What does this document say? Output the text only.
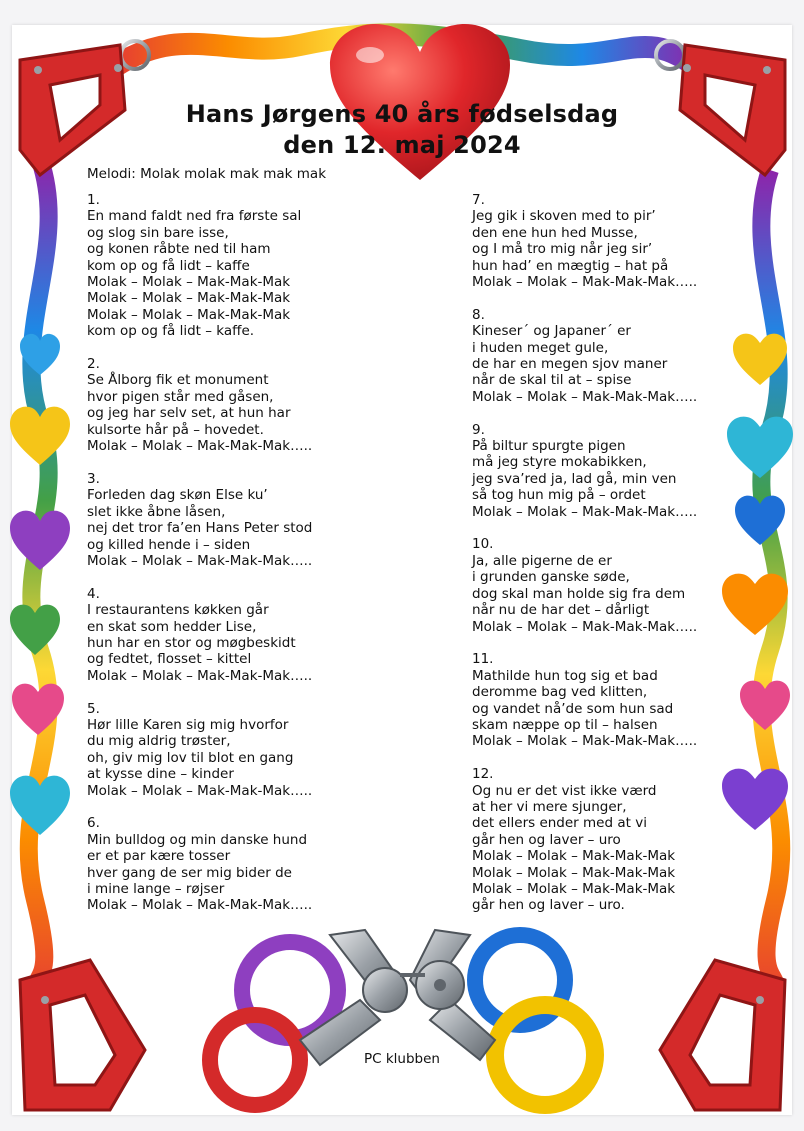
Hans Jørgens 40 års fødselsdag
den 12. maj 2024
Melodi: Molak molak mak mak mak
1.
En mand faldt ned fra første sal
og slog sin bare isse,
og konen råbte ned til ham
kom op og få lidt – kaffe
Molak – Molak – Mak-Mak-Mak
Molak – Molak – Mak-Mak-Mak
Molak – Molak – Mak-Mak-Mak
kom op og få lidt – kaffe.
2.
Se Ålborg fik et monument
hvor pigen står med gåsen,
og jeg har selv set, at hun har
kulsorte hår på – hovedet.
Molak – Molak – Mak-Mak-Mak…..
3.
Forleden dag skøn Else ku’
slet ikke åbne låsen,
nej det tror fa’en Hans Peter stod
og killed hende i – siden
Molak – Molak – Mak-Mak-Mak…..
4.
I restaurantens køkken går
en skat som hedder Lise,
hun har en stor og møgbeskidt
og fedtet, flosset – kittel
Molak – Molak – Mak-Mak-Mak…..
5.
Hør lille Karen sig mig hvorfor
du mig aldrig trøster,
oh, giv mig lov til blot en gang
at kysse dine – kinder
Molak – Molak – Mak-Mak-Mak…..
6.
Min bulldog og min danske hund
er et par kære tosser
hver gang de ser mig bider de
i mine lange – røjser
Molak – Molak – Mak-Mak-Mak…..
7.
Jeg gik i skoven med to pir’
den ene hun hed Musse,
og I må tro mig når jeg sir’
hun had’ en mægtig – hat på
Molak – Molak – Mak-Mak-Mak…..
8.
Kineser´ og Japaner´ er
i huden meget gule,
de har en megen sjov maner
når de skal til at – spise
Molak – Molak – Mak-Mak-Mak…..
9.
På biltur spurgte pigen
må jeg styre mokabikken,
jeg sva’red ja, lad gå, min ven
så tog hun mig på – ordet
Molak – Molak – Mak-Mak-Mak…..
10.
Ja, alle pigerne de er
i grunden ganske søde,
dog skal man holde sig fra dem
når nu de har det – dårligt
Molak – Molak – Mak-Mak-Mak…..
11.
Mathilde hun tog sig et bad
deromme bag ved klitten,
og vandet nå’de som hun sad
skam næppe op til – halsen
Molak – Molak – Mak-Mak-Mak…..
12.
Og nu er det vist ikke værd
at her vi mere sjunger,
det ellers ender med at vi
går hen og laver – uro
Molak – Molak – Mak-Mak-Mak
Molak – Molak – Mak-Mak-Mak
Molak – Molak – Mak-Mak-Mak
går hen og laver – uro.
PC klubben
